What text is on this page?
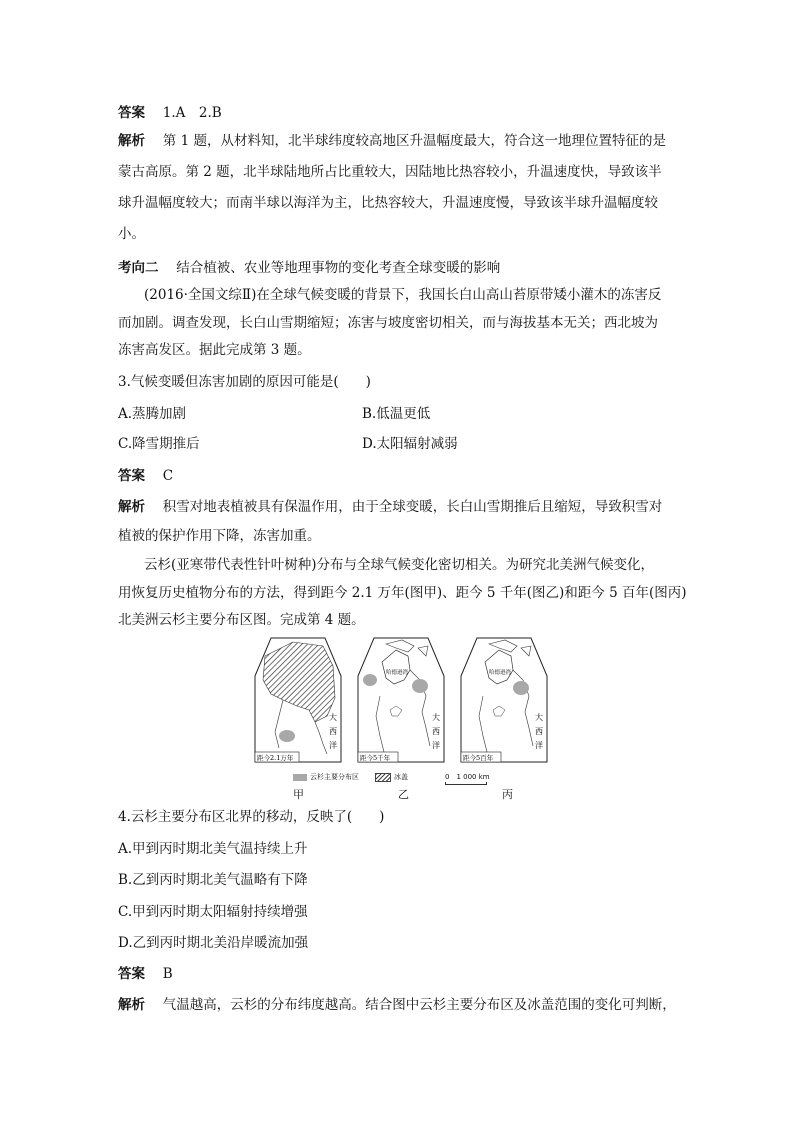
答案　 1.A　2.B
解析　 第 1 题，从材料知，北半球纬度较高地区升温幅度最大，符合这一地理位置特征的是
蒙古高原。第 2 题，北半球陆地所占比重较大，因陆地比热容较小，升温速度快，导致该半
球升温幅度较大；而南半球以海洋为主，比热容较大，升温速度慢，导致该半球升温幅度较
小。
考向二　 结合植被、农业等地理事物的变化考查全球变暖的影响
(2016·全国文综Ⅱ)在全球气候变暖的背景下，我国长白山高山苔原带矮小灌木的冻害反
而加剧。调查发现，长白山雪期缩短；冻害与坡度密切相关，而与海拔基本无关；西北坡为
冻害高发区。据此完成第 3 题。
3.气候变暖但冻害加剧的原因可能是(　　)
A.蒸腾加剧	B.低温更低
C.降雪期推后	D.太阳辐射减弱
答案　 C
解析　 积雪对地表植被具有保温作用，由于全球变暖，长白山雪期推后且缩短，导致积雪对
植被的保护作用下降，冻害加重。
云杉(亚寒带代表性针叶树种)分布与全球气候变化密切相关。为研究北美洲气候变化，
用恢复历史植物分布的方法，得到距今 2.1 万年(图甲)、距今 5 千年(图乙)和距今 5 百年(图丙)
北美洲云杉主要分布区图。完成第 4 题。
大
西
洋
距今2.1万年
哈德逊湾
大
西
洋
距今5千年
哈德逊湾
大
西
洋
距今5百年
云杉主要分布区	冰盖	0　1 000 km
甲	乙	丙
4.云杉主要分布区北界的移动，反映了(　　)
A.甲到丙时期北美气温持续上升
B.乙到丙时期北美气温略有下降
C.甲到丙时期太阳辐射持续增强
D.乙到丙时期北美沿岸暖流加强
答案　 B
解析　 气温越高，云杉的分布纬度越高。结合图中云杉主要分布区及冰盖范围的变化可判断，
